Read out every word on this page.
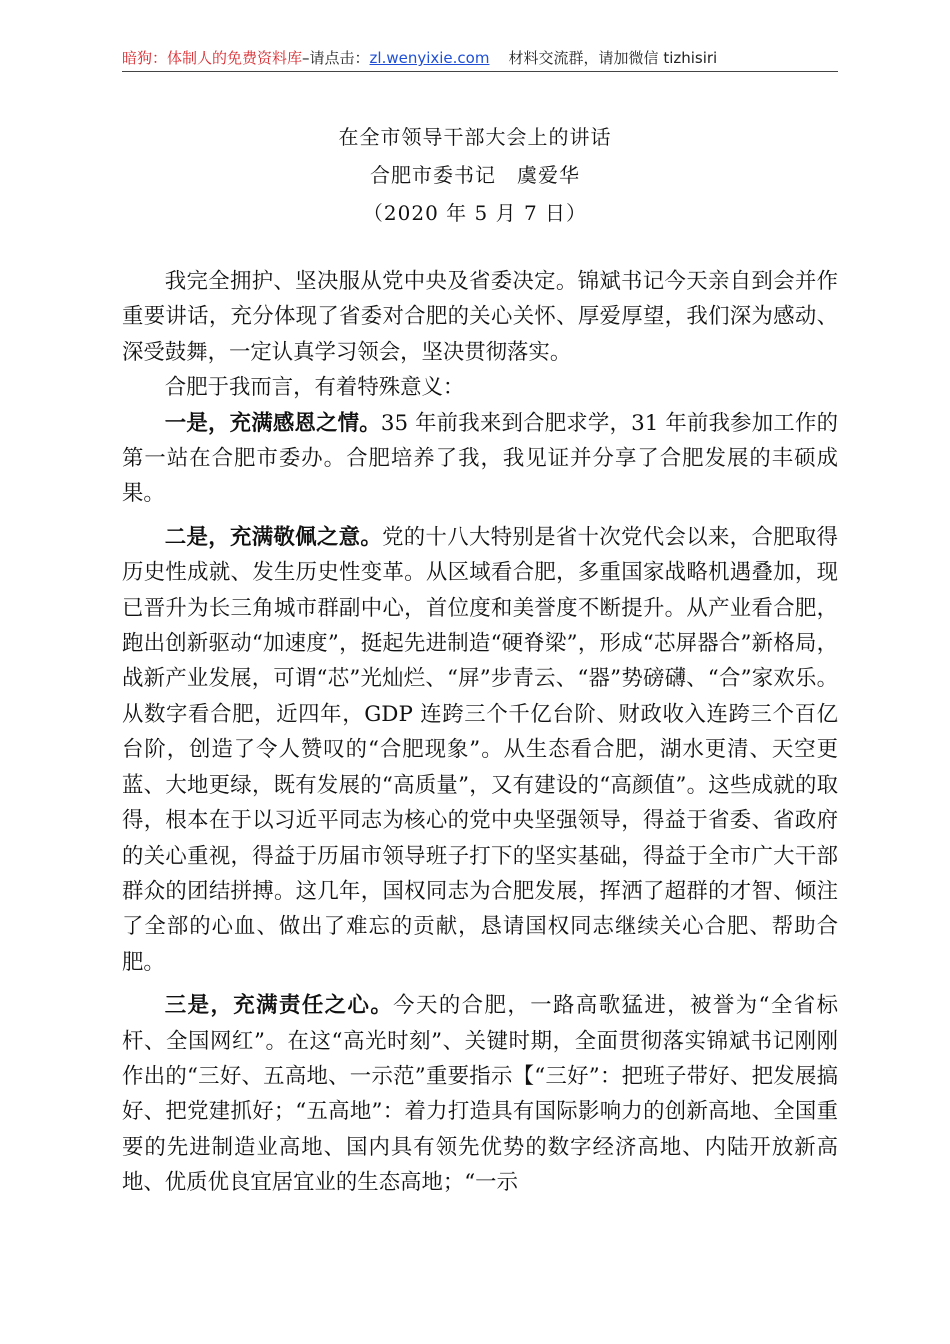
暗狗：体制人的免费资料库–请点击：zl.wenyixie.com 材料交流群，请加微信 tizhisiri
在全市领导干部大会上的讲话
合肥市委书记　虞爱华
（2020 年 5 月 7 日）

我完全拥护、坚决服从党中央及省委决定。锦斌书记今天亲自到会并作重要讲话，充分体现了省委对合肥的关心关怀、厚爱厚望，我们深为感动、深受鼓舞，一定认真学习领会，坚决贯彻落实。

合肥于我而言，有着特殊意义：

一是，充满感恩之情。35 年前我来到合肥求学，31 年前我参加工作的第一站在合肥市委办。合肥培养了我，我见证并分享了合肥发展的丰硕成果。

二是，充满敬佩之意。党的十八大特别是省十次党代会以来，合肥取得历史性成就、发生历史性变革。从区域看合肥，多重国家战略机遇叠加，现已晋升为长三角城市群副中心，首位度和美誉度不断提升。从产业看合肥，跑出创新驱动“加速度”，挺起先进制造“硬脊梁”，形成“芯屏器合”新格局，战新产业发展，可谓“芯”光灿烂、“屏”步青云、“器”势磅礴、“合”家欢乐。从数字看合肥，近四年，GDP 连跨三个千亿台阶、财政收入连跨三个百亿台阶，创造了令人赞叹的“合肥现象”。从生态看合肥，湖水更清、天空更蓝、大地更绿，既有发展的“高质量”，又有建设的“高颜值”。这些成就的取得，根本在于以习近平同志为核心的党中央坚强领导，得益于省委、省政府的关心重视，得益于历届市领导班子打下的坚实基础，得益于全市广大干部群众的团结拼搏。这几年，国权同志为合肥发展，挥洒了超群的才智、倾注了全部的心血、做出了难忘的贡献，恳请国权同志继续关心合肥、帮助合肥。

三是，充满责任之心。今天的合肥，一路高歌猛进，被誉为“全省标杆、全国网红”。在这“高光时刻”、关键时期，全面贯彻落实锦斌书记刚刚作出的“三好、五高地、一示范”重要指示【“三好”：把班子带好、把发展搞好、把党建抓好；“五高地”：着力打造具有国际影响力的创新高地、全国重要的先进制造业高地、国内具有领先优势的数字经济高地、内陆开放新高地、优质优良宜居宜业的生态高地；“一示
